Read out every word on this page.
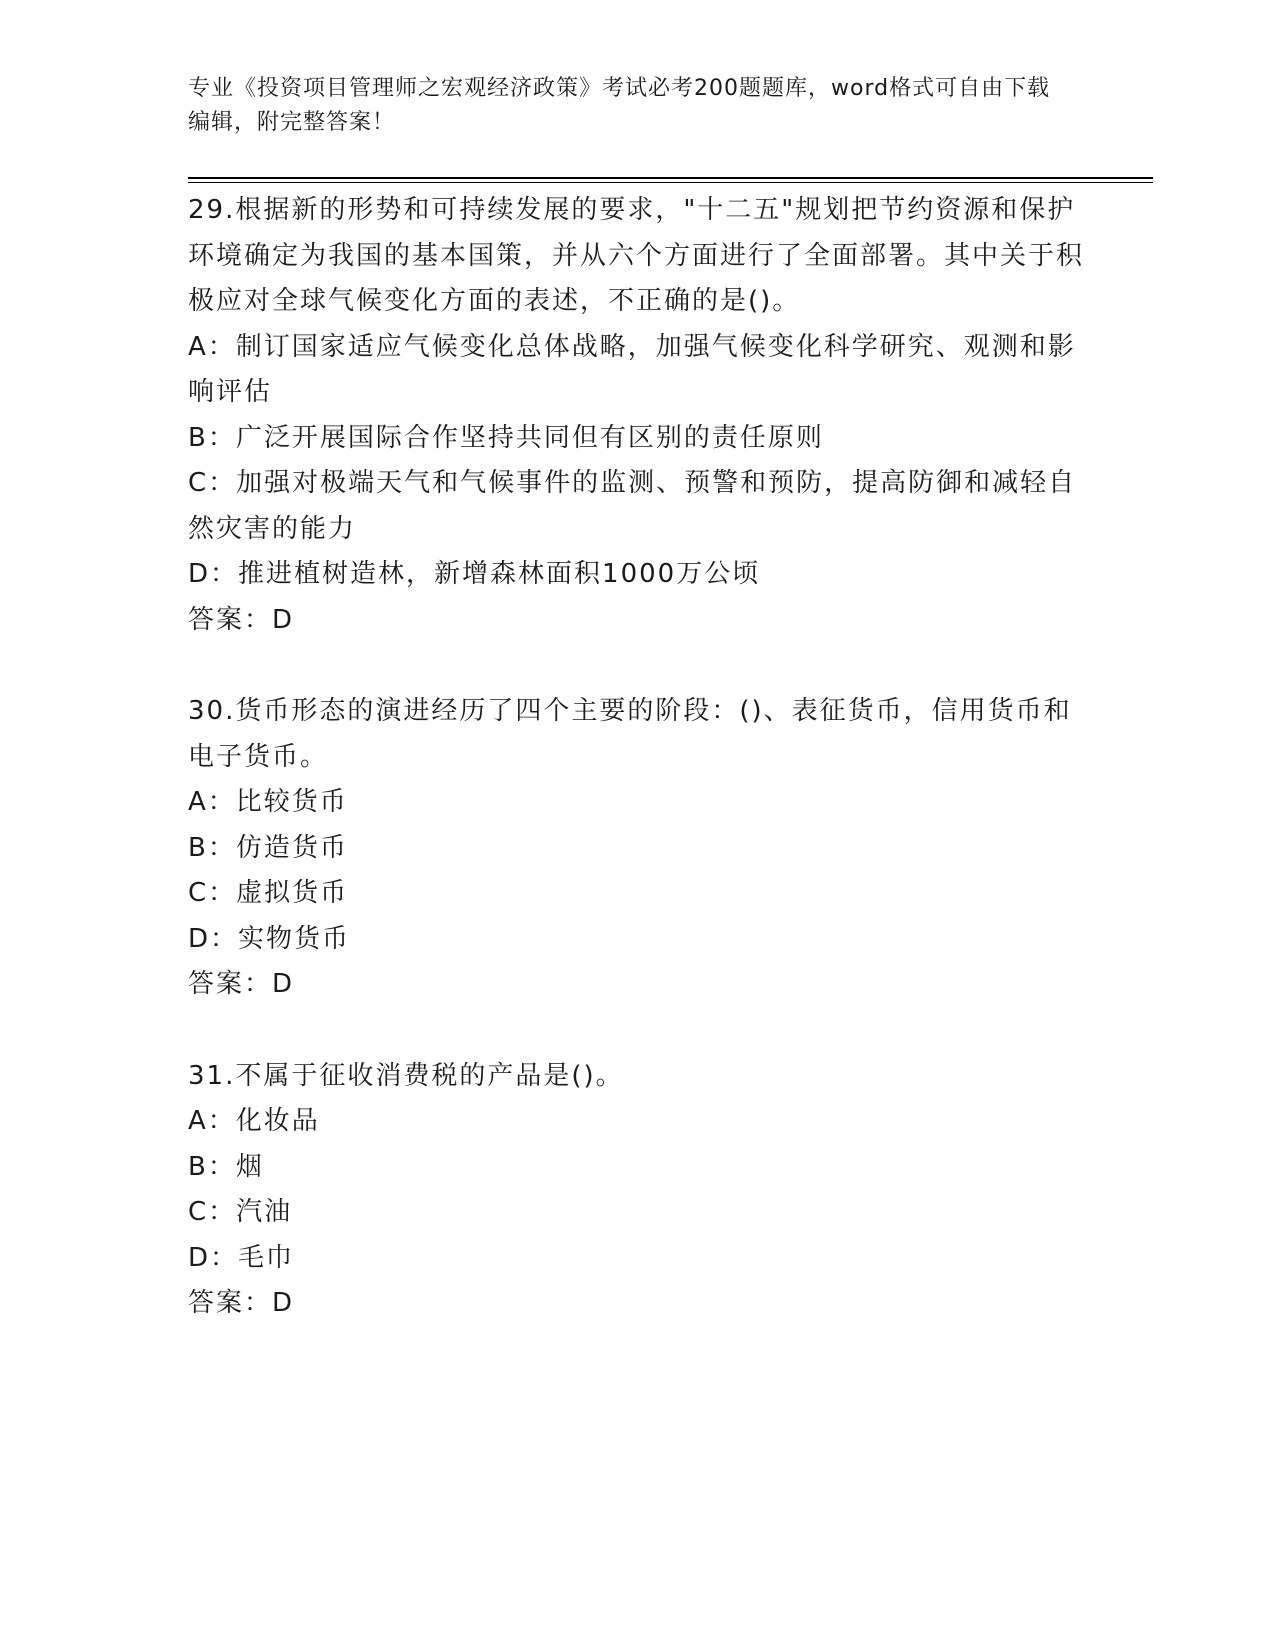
专业《投资项目管理师之宏观经济政策》考试必考200题题库，word格式可自由下载编辑，附完整答案！

29.根据新的形势和可持续发展的要求，"十二五"规划把节约资源和保护环境确定为我国的基本国策，并从六个方面进行了全面部署。其中关于积极应对全球气候变化方面的表述，不正确的是()。

A：制订国家适应气候变化总体战略，加强气候变化科学研究、观测和影响评估

B：广泛开展国际合作坚持共同但有区别的责任原则

C：加强对极端天气和气候事件的监测、预警和预防，提高防御和减轻自然灾害的能力

D：推进植树造林，新增森林面积1000万公顷

答案：D

30.货币形态的演进经历了四个主要的阶段：()、表征货币，信用货币和电子货币。

A：比较货币

B：仿造货币

C：虚拟货币

D：实物货币

答案：D

31.不属于征收消费税的产品是()。

A：化妆品

B：烟

C：汽油

D：毛巾

答案：D
